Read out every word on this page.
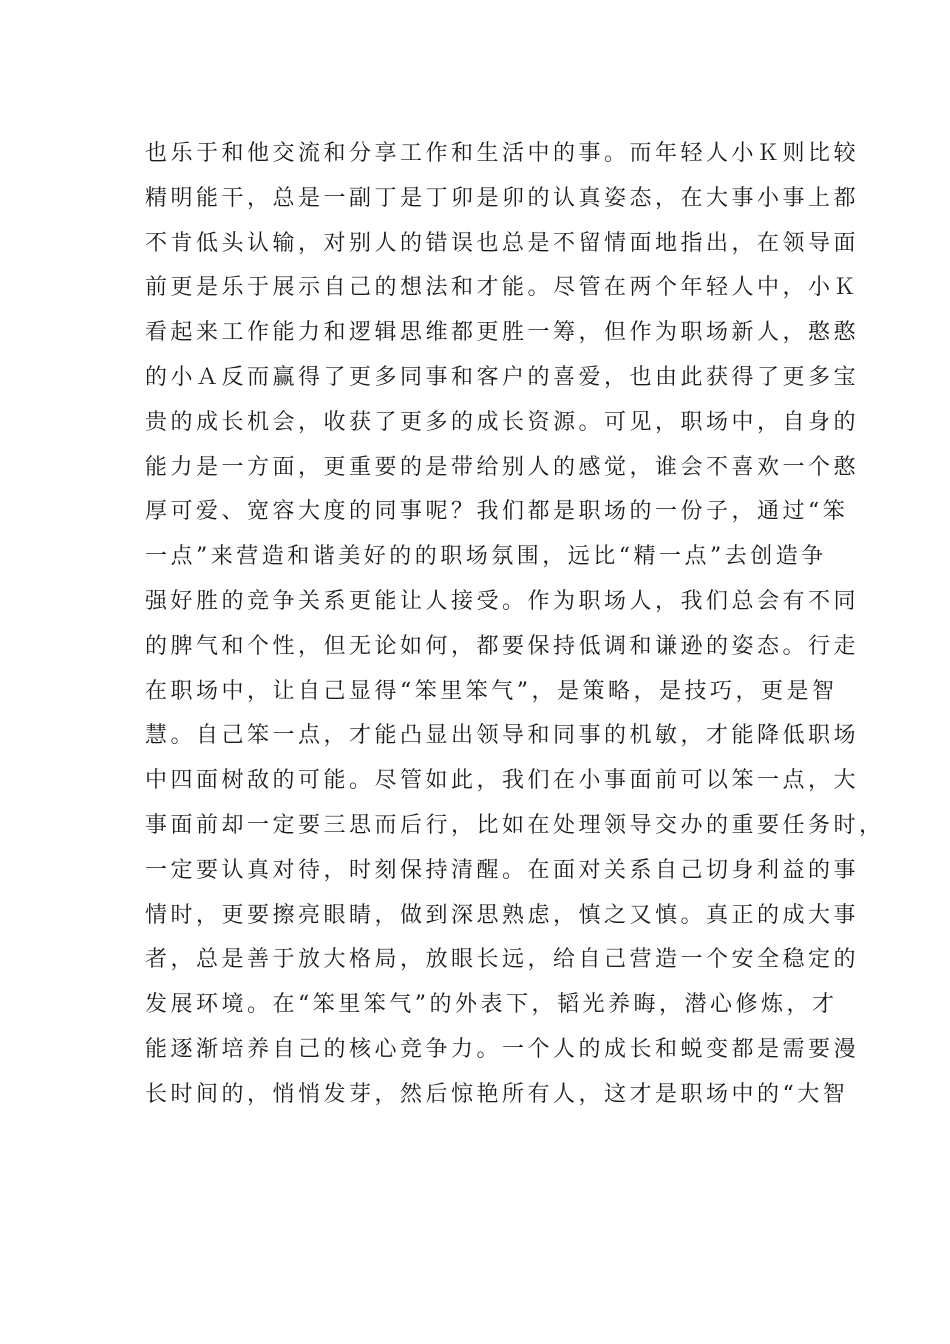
也乐于和他交流和分享工作和生活中的事。而年轻人小Ｋ则比较
精明能干，总是一副丁是丁卯是卯的认真姿态，在大事小事上都
不肯低头认输，对别人的错误也总是不留情面地指出，在领导面
前更是乐于展示自己的想法和才能。尽管在两个年轻人中，小Ｋ
看起来工作能力和逻辑思维都更胜一筹，但作为职场新人，憨憨
的小Ａ反而赢得了更多同事和客户的喜爱，也由此获得了更多宝
贵的成长机会，收获了更多的成长资源。可见，职场中，自身的
能力是一方面，更重要的是带给别人的感觉，谁会不喜欢一个憨
厚可爱、宽容大度的同事呢？我们都是职场的一份子，通过“笨
一点”来营造和谐美好的的职场氛围，远比“精一点”去创造争
强好胜的竞争关系更能让人接受。作为职场人，我们总会有不同
的脾气和个性，但无论如何，都要保持低调和谦逊的姿态。行走
在职场中，让自己显得“笨里笨气”，是策略，是技巧，更是智
慧。自己笨一点，才能凸显出领导和同事的机敏，才能降低职场
中四面树敌的可能。尽管如此，我们在小事面前可以笨一点，大
事面前却一定要三思而后行，比如在处理领导交办的重要任务时，
一定要认真对待，时刻保持清醒。在面对关系自己切身利益的事
情时，更要擦亮眼睛，做到深思熟虑，慎之又慎。真正的成大事
者，总是善于放大格局，放眼长远，给自己营造一个安全稳定的
发展环境。在“笨里笨气”的外表下，韬光养晦，潜心修炼，才
能逐渐培养自己的核心竞争力。一个人的成长和蜕变都是需要漫
长时间的，悄悄发芽，然后惊艳所有人，这才是职场中的“大智
